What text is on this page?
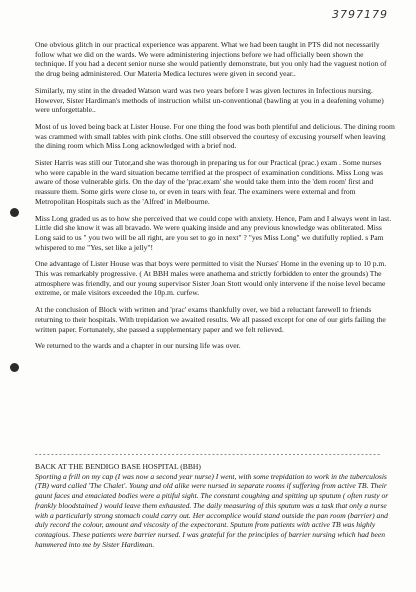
3797179

One obvious glitch in our practical experience was apparent. What we had been taught in PTS did not necessarily follow what we did on the wards. We were administering injections before we had officially been shown the technique. If you had a decent senior nurse she would patiently demonstrate, but you only had the vaguest notion of the drug being administered. Our Materia Medica lectures were given in second year..

Similarly, my stint in the dreaded Watson ward was two years before I was given lectures in Infectious nursing. However, Sister Hardiman's methods of instruction whilst un-conventional (bawling at you in a deafening volume) were unforgettable..

Most of us loved being back at Lister House. For one thing the food was both plentiful and delicious. The dining room was crammed with small tables with pink cloths. One still observed the courtesy of excusing yourself when leaving the dining room which Miss Long acknowledged with a brief nod.

Sister Harris was still our Tutor,and she was thorough in preparing us for our Practical (prac.) exam . Some nurses who were capable in the ward situation became terrified at the prospect of examination conditions. Miss Long was aware of those vulnerable girls. On the day of the 'prac.exam' she would take them into the 'dem room' first and reassure them. Some girls were close to, or even in tears with fear. The examiners were external and from Metropolitan Hospitals such as the 'Alfred' in Melbourne.

Miss Long graded us as to how she perceived that we could cope with anxiety. Hence, Pam and I always went in last. Little did she know it was all bravado. We were quaking inside and any previous knowledge was obliterated. Miss Long said to us " you two will be all right, are you set to go in next" ? "yes Miss Long" we dutifully replied. s Pam whispered to me "Yes, set like a jelly"!

One advantage of Lister House was that boys were permitted to visit the Nurses' Home in the evening up to 10 p.m. This was remarkably progressive. ( At BBH males were anathema and strictly forbidden to enter the grounds) The atmosphere was friendly, and our young supervisor Sister Joan Stott would only intervene if the noise level became extreme, or male visitors exceeded the 10p.m. curfew.

At the conclusion of Block with written and 'prac' exams thankfully over, we bid a reluctant farewell to friends returning to their hospitals. With trepidation we awaited results. We all passed except for one of our girls failing the written paper. Fortunately, she passed a supplementary paper and we felt relieved.

We returned to the wards and a chapter in our nursing life was over.

- - - - - - - - - - - - - - - - - - - - - - - - - - - - - - - - - - - - - - - - - - - - - - - - - - - - - - - - - - - - - - - - - - - - - - - - - - - - - - - - - - - - - -

BACK AT THE BENDIGO BASE HOSPITAL (BBH)

Sporting a frill on my cap (I was now a second year nurse) I went, with some trepidation to work in the tuberculosis (TB) ward called 'The Chalet'. Young and old alike were nursed in separate rooms if suffering from active TB. Their gaunt faces and emaciated bodies were a pitiful sight. The constant coughing and spitting up sputum ( often rusty or frankly bloodstained ) would leave them exhausted. The daily measuring of this sputum was a task that only a nurse with a particularly strong stomach could carry out. Her accomplice would stand outside the pan room (barrier) and duly record the colour, amount and viscosity of the expectorant. Sputum from patients with active TB was highly contagious. These patients were barrier nursed. I was grateful for the principles of barrier nursing which had been hammered into me by Sister Hardiman.
